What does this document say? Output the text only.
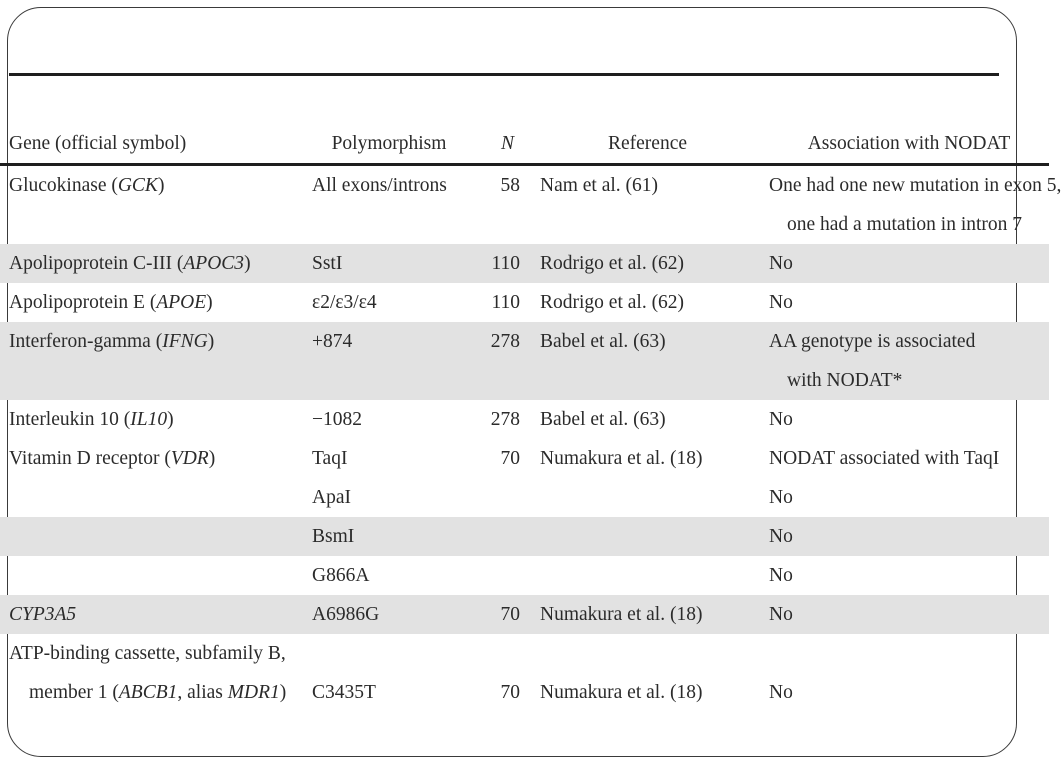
Gene (official symbol)	Polymorphism	N	Reference	Association with NODAT
Glucokinase (GCK)	All exons/introns	58	Nam et al. (61)	One had one new mutation in exon 5,
one had a mutation in intron 7

Apolipoprotein C-III (APOC3)	SstI	110	Rodrigo et al. (62)	No
Apolipoprotein E (APOE)	ε2/ε3/ε4	110	Rodrigo et al. (62)	No
Interferon-gamma (IFNG)	+874	278	Babel et al. (63)	AA genotype is associated
with NODAT*

Interleukin 10 (IL10)	−1082	278	Babel et al. (63)	No
Vitamin D receptor (VDR)	TaqI	70	Numakura et al. (18)	NODAT associated with TaqI
	ApaI			No
	BsmI			No
	G866A			No
CYP3A5	A6986G	70	Numakura et al. (18)	No

ATP-binding cassette, subfamily B,
member 1 (ABCB1, alias MDR1)	C3435T	70	Numakura et al. (18)	No
